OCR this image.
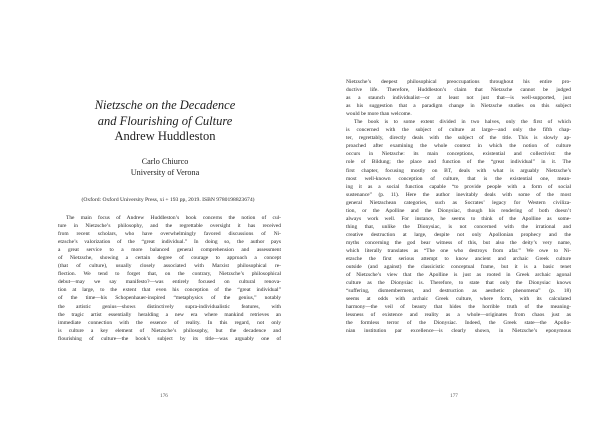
Nietzsche on the Decadence
and Flourishing of Culture
Andrew Huddleston
Carlo Chiurco
University of Verona
(Oxford: Oxford University Press, xi + 193 pp, 2019. ISBN 9780198823674)
The main focus of Andrew Huddleston’s book concerns the notion of cul-
ture in Nietzsche’s philosophy, and the regrettable oversight it has received
from recent scholars, who have overwhelmingly favored discussions of Ni-
etzsche’s valorization of the “great individual.” In doing so, the author pays
a great service to a more balanced general comprehension and assessment
of Nietzsche, showing a certain degree of courage to approach a concept
(that of culture), usually closely associated with Marxist philosophical re-
flection. We tend to forget that, on the contrary, Nietzsche’s philosophical
debut—may we say manifesto?—was entirely focused on cultural renova-
tion at large, to the extent that even his conception of the “great individual”
of the time—his Schopenhauer-inspired “metaphysics of the genius,” notably
the artistic genius—shows distinctively supra-individualistic features, with
the tragic artist essentially heralding a new era where mankind retrieves an
immediate connection with the essence of reality. In this regard, not only
is culture a key element of Nietzsche’s philosophy, but the decadence and
flourishing of culture—the book’s subject by its title—was arguably one of
176
Nietzsche’s deepest philosophical preoccupations throughout his entire pro-
ductive life. Therefore, Huddleston’s claim that Nietzsche cannot be judged
as a staunch individualist—or at least not just that—is well-supported, just
as his suggestion that a paradigm change in Nietzsche studies on this subject
would be more than welcome.
The book is to some extent divided in two halves, only the first of which
is concerned with the subject of culture at large—and only the fifth chap-
ter, regrettably, directly deals with the subject of the title. This is slowly ap-
proached after examining the whole context in which the notion of culture
occurs in Nietzsche: its main conceptions, existential and collectivist: the
role of Bildung; the place and function of the “great individual” in it. The
first chapter, focusing mostly on BT, deals with what is arguably Nietzsche’s
most well-known conception of culture, that is the existential one, mean-
ing it as a social function capable “to provide people with a form of social
sustenance” (p. 11). Here the author inevitably deals with some of the most
general Nietzschean categories, such as Socrates’ legacy for Western civiliza-
tion, or the Apolline and the Dionysiac, though his rendering of both doesn’t
always work well. For instance, he seems to think of the Apolline as some-
thing that, unlike the Dionysiac, is not concerned with the irrational and
creative destruction at large, despite not only Apollonian prophecy and the
myths concerning the god bear witness of this, but also the deity’s very name,
which literally translates as “The one who destroys from afar.” We owe to Ni-
etzsche the first serious attempt to know ancient and archaic Greek culture
outside (and against) the classicistic conceptual frame, but it is a basic tenet
of Nietzsche’s view that the Apolline is just as rooted in Greek archaic agonal
culture as the Dionysiac is. Therefore, to state that only the Dionysiac knows
“suffering, dismemberment, and destruction as aesthetic phenomena” (p. 18)
seems at odds with archaic Greek culture, where form, with its calculated
harmony—the veil of beauty that hides the horrible truth of the meaning-
lessness of existence and reality as a whole—originates from chaos just as
the formless terror of the Dionysiac. Indeed, the Greek state—the Apollo-
nian institution par excellence—is clearly shown, in Nietzsche’s eponymous
177
